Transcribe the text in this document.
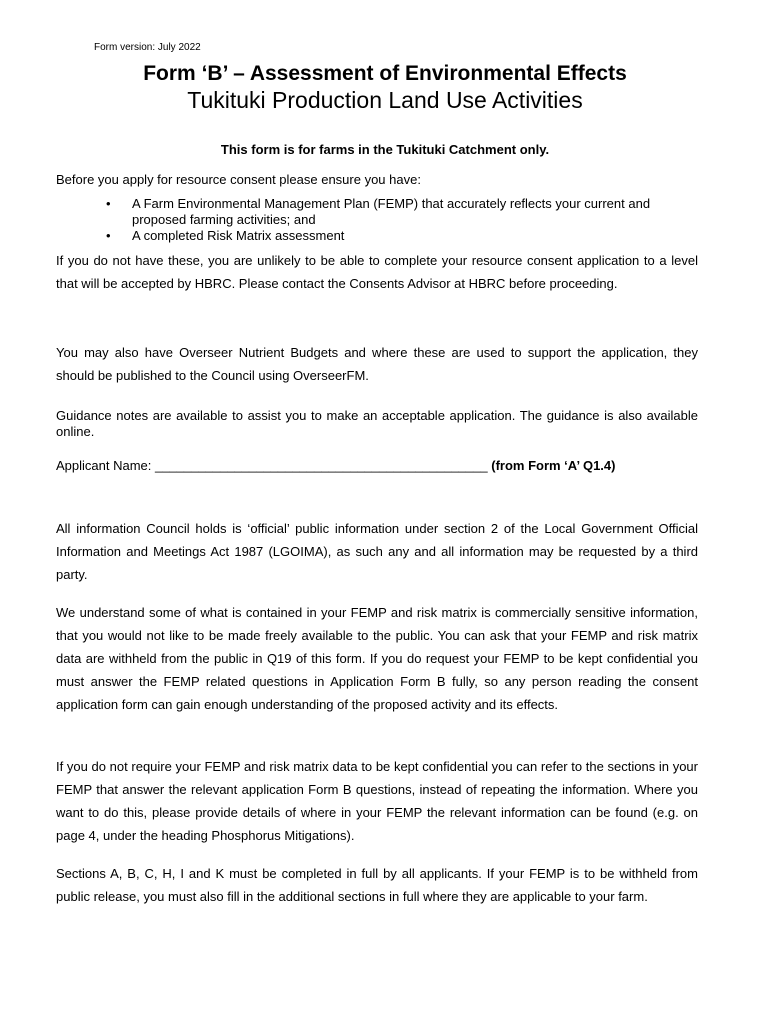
Form version: July 2022
Form ‘B’ – Assessment of Environmental Effects
Tukituki Production Land Use Activities
This form is for farms in the Tukituki Catchment only.
Before you apply for resource consent please ensure you have:
• A Farm Environmental Management Plan (FEMP) that accurately reflects your current and proposed farming activities; and
• A completed Risk Matrix assessment
If you do not have these, you are unlikely to be able to complete your resource consent application to a level that will be accepted by HBRC. Please contact the Consents Advisor at HBRC before proceeding.
You may also have Overseer Nutrient Budgets and where these are used to support the application, they should be published to the Council using OverseerFM.
Guidance notes are available to assist you to make an acceptable application. The guidance is also available online.
Applicant Name: ______________________________________________ (from Form ‘A’ Q1.4)
All information Council holds is ‘official’ public information under section 2 of the Local Government Official Information and Meetings Act 1987 (LGOIMA), as such any and all information may be requested by a third party.
We understand some of what is contained in your FEMP and risk matrix is commercially sensitive information, that you would not like to be made freely available to the public. You can ask that your FEMP and risk matrix data are withheld from the public in Q19 of this form. If you do request your FEMP to be kept confidential you must answer the FEMP related questions in Application Form B fully, so any person reading the consent application form can gain enough understanding of the proposed activity and its effects.
If you do not require your FEMP and risk matrix data to be kept confidential you can refer to the sections in your FEMP that answer the relevant application Form B questions, instead of repeating the information. Where you want to do this, please provide details of where in your FEMP the relevant information can be found (e.g. on page 4, under the heading Phosphorus Mitigations).
Sections A, B, C, H, I and K must be completed in full by all applicants. If your FEMP is to be withheld from public release, you must also fill in the additional sections in full where they are applicable to your farm.
